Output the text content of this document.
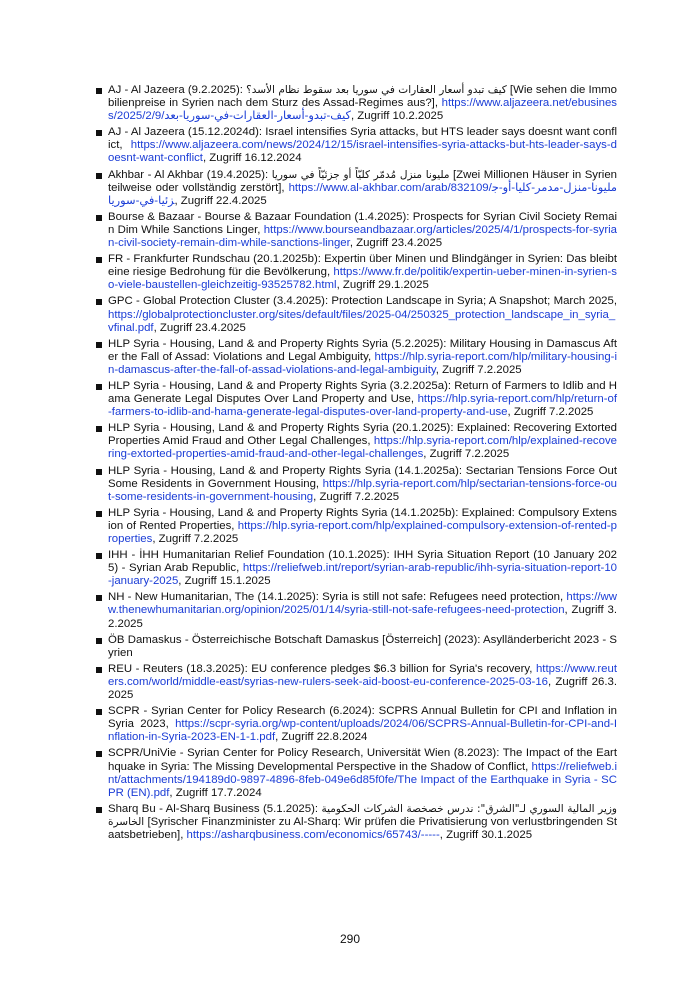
AJ - Al Jazeera (9.2.2025): كيف تبدو أسعار العقارات في سوريا بعد سقوط نظام الأسد؟ [Wie sehen die Immobilienpreise in Syrien nach dem Sturz des Assad-Regimes aus?], https://www.aljazeera.net/ebusiness/2025/2/9/كيف-تبدو-أسعار-العقارات-في-سوريا-بعد, Zugriff 10.2.2025
AJ - Al Jazeera (15.12.2024d): Israel intensifies Syria attacks, but HTS leader says doesnt want conflict, https://www.aljazeera.com/news/2024/12/15/israel-intensifies-syria-attacks-but-hts-leader-says-doesnt-want-conflict, Zugriff 16.12.2024
Akhbar - Al Akhbar (19.4.2025): مليونا منزل مُدمّر كليّاً أو جزئيّاً في سوريا [Zwei Millionen Häuser in Syrien teilweise oder vollständig zerstört], https://www.al-akhbar.com/arab/832109/مليونا-منزل-مدمر-كليا-أو-جزئيا-في-سوريا, Zugriff 22.4.2025
Bourse & Bazaar - Bourse & Bazaar Foundation (1.4.2025): Prospects for Syrian Civil Society Remain Dim While Sanctions Linger, https://www.bourseandbazaar.org/articles/2025/4/1/prospects-for-syrian-civil-society-remain-dim-while-sanctions-linger, Zugriff 23.4.2025
FR - Frankfurter Rundschau (20.1.2025b): Expertin über Minen und Blindgänger in Syrien: Das bleibt eine riesige Bedrohung für die Bevölkerung, https://www.fr.de/politik/expertin-ueber-minen-in-syrien-so-viele-baustellen-gleichzeitig-93525782.html, Zugriff 29.1.2025
GPC - Global Protection Cluster (3.4.2025): Protection Landscape in Syria; A Snapshot; March 2025, https://globalprotectioncluster.org/sites/default/files/2025-04/250325_protection_landscape_in_syria_vfinal.pdf, Zugriff 23.4.2025
HLP Syria - Housing, Land & and Property Rights Syria (5.2.2025): Military Housing in Damascus After the Fall of Assad: Violations and Legal Ambiguity, https://hlp.syria-report.com/hlp/military-housing-in-damascus-after-the-fall-of-assad-violations-and-legal-ambiguity, Zugriff 7.2.2025
HLP Syria - Housing, Land & and Property Rights Syria (3.2.2025a): Return of Farmers to Idlib and Hama Generate Legal Disputes Over Land Property and Use, https://hlp.syria-report.com/hlp/return-of-farmers-to-idlib-and-hama-generate-legal-disputes-over-land-property-and-use, Zugriff 7.2.2025
HLP Syria - Housing, Land & and Property Rights Syria (20.1.2025): Explained: Recovering Extorted Properties Amid Fraud and Other Legal Challenges, https://hlp.syria-report.com/hlp/explained-recovering-extorted-properties-amid-fraud-and-other-legal-challenges, Zugriff 7.2.2025
HLP Syria - Housing, Land & and Property Rights Syria (14.1.2025a): Sectarian Tensions Force Out Some Residents in Government Housing, https://hlp.syria-report.com/hlp/sectarian-tensions-force-out-some-residents-in-government-housing, Zugriff 7.2.2025
HLP Syria - Housing, Land & and Property Rights Syria (14.1.2025b): Explained: Compulsory Extension of Rented Properties, https://hlp.syria-report.com/hlp/explained-compulsory-extension-of-rented-properties, Zugriff 7.2.2025
IHH - İHH Humanitarian Relief Foundation (10.1.2025): IHH Syria Situation Report (10 January 2025) - Syrian Arab Republic, https://reliefweb.int/report/syrian-arab-republic/ihh-syria-situation-report-10-january-2025, Zugriff 15.1.2025
NH - New Humanitarian, The (14.1.2025): Syria is still not safe: Refugees need protection, https://www.thenewhumanitarian.org/opinion/2025/01/14/syria-still-not-safe-refugees-need-protection, Zugriff 3.2.2025
ÖB Damaskus - Österreichische Botschaft Damaskus [Österreich] (2023): Asylländerbericht 2023 - Syrien
REU - Reuters (18.3.2025): EU conference pledges $6.3 billion for Syria's recovery, https://www.reuters.com/world/middle-east/syrias-new-rulers-seek-aid-boost-eu-conference-2025-03-16, Zugriff 26.3.2025
SCPR - Syrian Center for Policy Research (6.2024): SCPRS Annual Bulletin for CPI and Inflation in Syria 2023, https://scpr-syria.org/wp-content/uploads/2024/06/SCPRS-Annual-Bulletin-for-CPI-and-Inflation-in-Syria-2023-EN-1-1.pdf, Zugriff 22.8.2024
SCPR/UniVie - Syrian Center for Policy Research, Universität Wien (8.2023): The Impact of the Earthquake in Syria: The Missing Developmental Perspective in the Shadow of Conflict, https://reliefweb.int/attachments/194189d0-9897-4896-8feb-049e6d85f0fe/The Impact of the Earthquake in Syria - SCPR (EN).pdf, Zugriff 17.7.2024
Sharq Bu - Al-Sharq Business (5.1.2025): وزير المالية السوري لـ"الشرق": ندرس خصخصة الشركات الحكومية الخاسرة [Syrischer Finanzminister zu Al-Sharq: Wir prüfen die Privatisierung von verlustbringenden Staatsbetrieben], https://asharqbusiness.com/economics/65743/-----, Zugriff 30.1.2025
290
